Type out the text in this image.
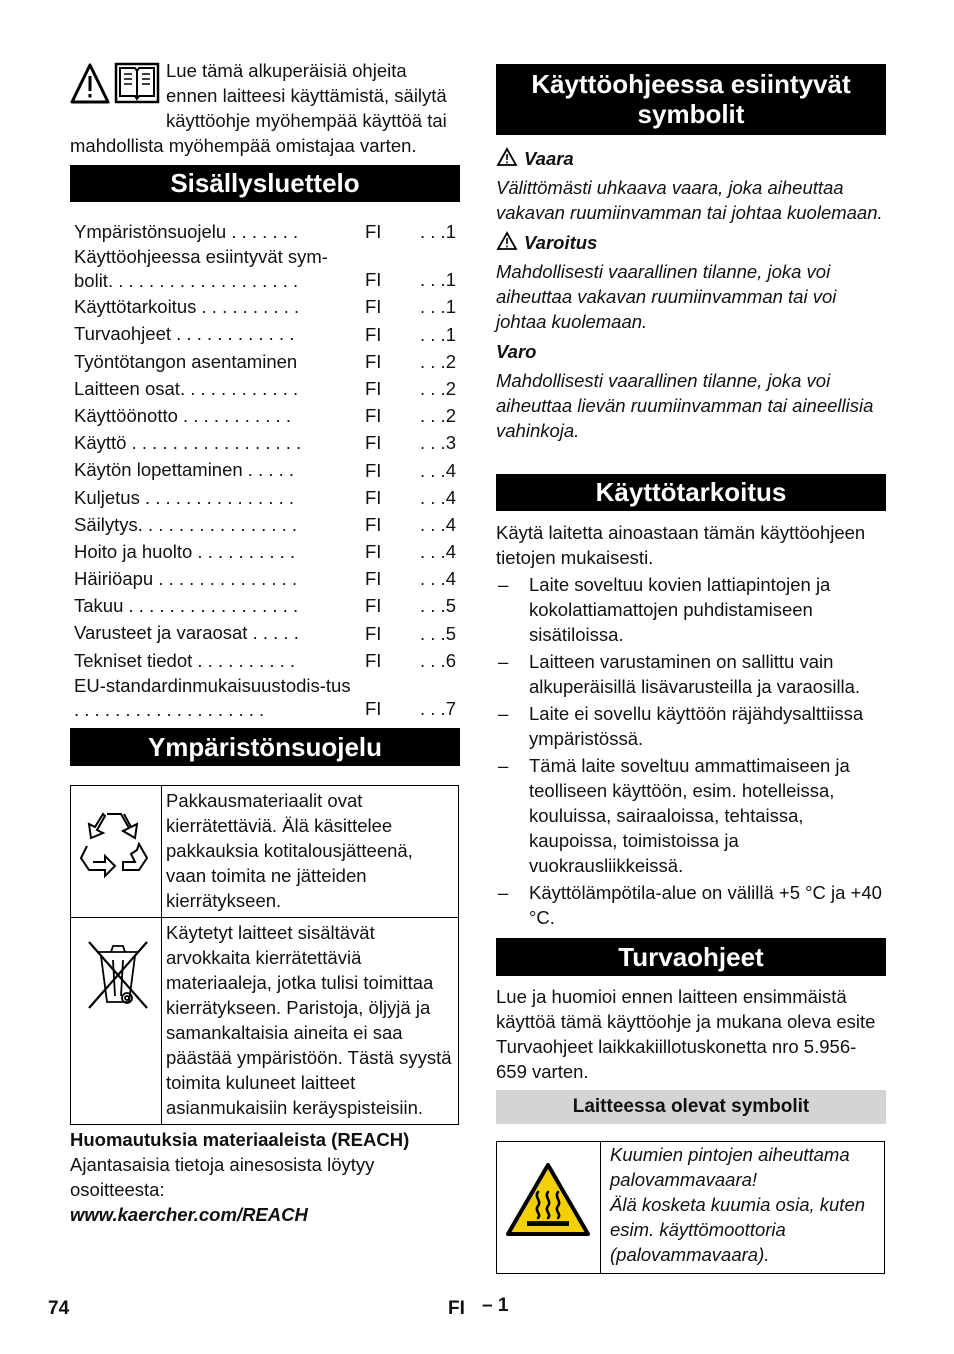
Lue tämä alkuperäisiä ohjeita ennen laitteesi käyttämistä, säilytä käyttöohje myöhempää käyttöä tai mahdollista myöhempää omistajaa varten.
Sisällysluettelo
Ympäristönsuojelu . . . . . . .	FI . . .1
Käyttöohjeessa esiintyvät sym-bolit. . . . . . . . . . . . . . . . . . .	FI . . .1
Käyttötarkoitus . . . . . . . . . .	FI . . .1
Turvaohjeet . . . . . . . . . . . .	FI . . .1
Työntötangon asentaminen	FI . . .2
Laitteen osat. . . . . . . . . . . .	FI . . .2
Käyttöönotto . . . . . . . . . . .	FI . . .2
Käyttö . . . . . . . . . . . . . . . . .	FI . . .3
Käytön lopettaminen . . . . .	FI . . .4
Kuljetus . . . . . . . . . . . . . . .	FI . . .4
Säilytys. . . . . . . . . . . . . . . .	FI . . .4
Hoito ja huolto . . . . . . . . . .	FI . . .4
Häiriöapu . . . . . . . . . . . . . .	FI . . .4
Takuu . . . . . . . . . . . . . . . . .	FI . . .5
Varusteet ja varaosat . . . . .	FI . . .5
Tekniset tiedot . . . . . . . . . .	FI . . .6
EU-standardinmukaisuustodis-tus . . . . . . . . . . . . . . . . . . .	FI . . .7
Ympäristönsuojelu
	Pakkausmateriaalit ovat kierrätettäviä. Älä käsittelee pakkauksia kotitalousjätteenä, vaan toimita ne jätteiden kierrätykseen.

	Käytetyt laitteet sisältävät arvokkaita kierrätettäviä materiaaleja, jotka tulisi toimittaa kierrätykseen. Paristoja, öljyjä ja samankaltaisia aineita ei saa päästää ympäristöön. Tästä syystä toimita kuluneet laitteet asianmukaisiin keräyspisteisiin.
Huomautuksia materiaaleista (REACH)
Ajantasaisia tietoja ainesosista löytyy osoitteesta:
www.kaercher.com/REACH
Käyttöohjeessa esiintyvät symbolit
Vaara
Välittömästi uhkaava vaara, joka aiheuttaa vakavan ruumiinvamman tai johtaa kuolemaan.
Varoitus
Mahdollisesti vaarallinen tilanne, joka voi aiheuttaa vakavan ruumiinvamman tai voi johtaa kuolemaan.
Varo
Mahdollisesti vaarallinen tilanne, joka voi aiheuttaa lievän ruumiinvamman tai aineellisia vahinkoja.
Käyttötarkoitus
Käytä laitetta ainoastaan tämän käyttöohjeen tietojen mukaisesti.
– Laite soveltuu kovien lattiapintojen ja kokolattiamattojen puhdistamiseen sisätiloissa.
– Laitteen varustaminen on sallittu vain alkuperäisillä lisävarusteilla ja varaosilla.
– Laite ei sovellu käyttöön räjähdysalttiissa ympäristössä.
– Tämä laite soveltuu ammattimaiseen ja teolliseen käyttöön, esim. hotelleissa, kouluissa, sairaaloissa, tehtaissa, kaupoissa, toimistoissa ja vuokrausliikkeissä.
– Käyttölämpötila-alue on välillä +5 °C ja +40 °C.
Turvaohjeet
Lue ja huomioi ennen laitteen ensimmäistä käyttöä tämä käyttöohje ja mukana oleva esite Turvaohjeet laikkakiillotuskonetta nro 5.956-659 varten.
Laitteessa olevat symbolit

Kuumien pintojen aiheuttama palovammavaara!
Älä kosketa kuumia osia, kuten esim. käyttömoottoria (palovammavaara).
74	FI – 1
